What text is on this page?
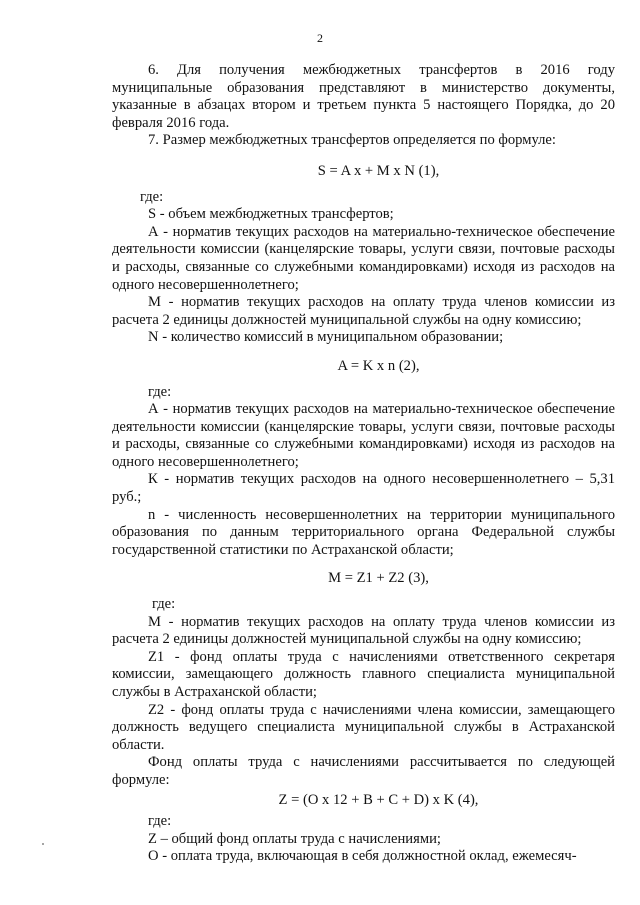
2

6. Для получения межбюджетных трансфертов в 2016 году муниципальные образования представляют в министерство документы, указанные в абзацах втором и третьем пункта 5 настоящего Порядка, до 20 февраля 2016 года.

7. Размер межбюджетных трансфертов определяется по формуле:

S = A x + M x N (1),

где:

S - объем межбюджетных трансфертов;

А - норматив текущих расходов на материально-техническое обеспечение деятельности комиссии (канцелярские товары, услуги связи, почтовые расходы и расходы, связанные со служебными командировками) исходя из расходов на одного несовершеннолетнего;

М - норматив текущих расходов на оплату труда членов комиссии из расчета 2 единицы должностей муниципальной службы на одну комиссию;

N - количество комиссий в муниципальном образовании;

A = K x n (2),

где:

А - норматив текущих расходов на материально-техническое обеспечение деятельности комиссии (канцелярские товары, услуги связи, почтовые расходы и расходы, связанные со служебными командировками) исходя из расходов на одного несовершеннолетнего;

К - норматив текущих расходов на одного несовершеннолетнего – 5,31 руб.;

n - численность несовершеннолетних на территории муниципального образования по данным территориального органа Федеральной службы государственной статистики по Астраханской области;

M = Z1 + Z2 (3),

где:

М - норматив текущих расходов на оплату труда членов комиссии из расчета 2 единицы должностей муниципальной службы на одну комиссию;

Z1 - фонд оплаты труда с начислениями ответственного секретаря комиссии, замещающего должность главного специалиста муниципальной службы в Астраханской области;

Z2 - фонд оплаты труда с начислениями члена комиссии, замещающего должность ведущего специалиста муниципальной службы в Астраханской области.

Фонд оплаты труда с начислениями рассчитывается по следующей формуле:

Z = (O x 12 + B + C + D) x K (4),

где:

Z – общий фонд оплаты труда с начислениями;

О - оплата труда, включающая в себя должностной оклад, ежемесяч-
